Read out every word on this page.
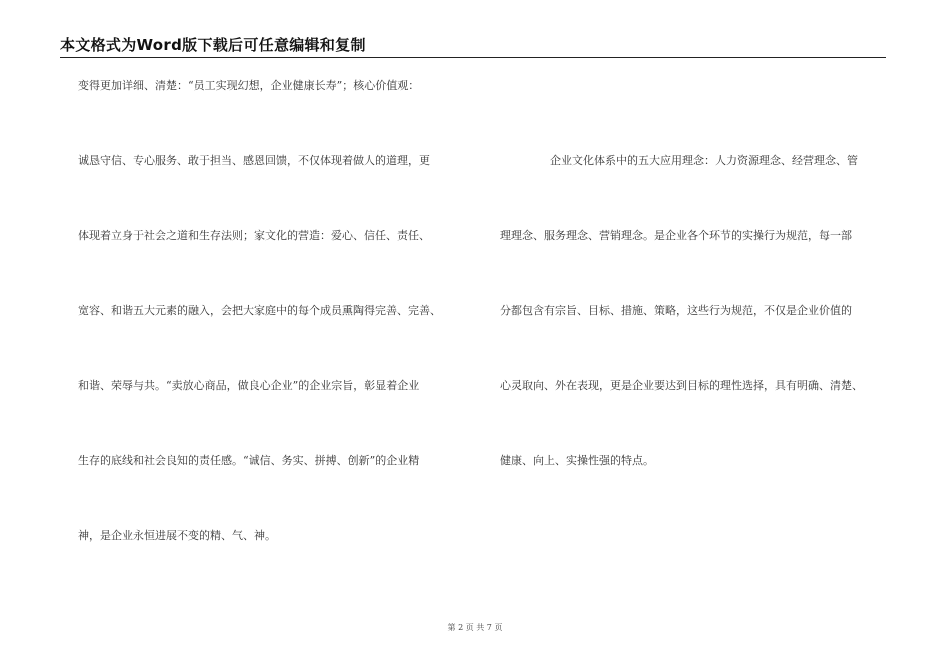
本文格式为Word版下载后可任意编辑和复制
变得更加详细、清楚：“员工实现幻想，企业健康长寿”；核心价值观：
诚恳守信、专心服务、敢于担当、感恩回馈，不仅体现着做人的道理，更
体现着立身于社会之道和生存法则；家文化的营造：爱心、信任、责任、
宽容、和谐五大元素的融入，会把大家庭中的每个成员熏陶得完善、完善、
和谐、荣辱与共。“卖放心商品，做良心企业”的企业宗旨，彰显着企业
生存的底线和社会良知的责任感。“诚信、务实、拼搏、创新”的企业精
神，是企业永恒进展不变的精、气、神。
企业文化体系中的五大应用理念：人力资源理念、经营理念、管
理理念、服务理念、营销理念。是企业各个环节的实操行为规范，每一部
分都包含有宗旨、目标、措施、策略，这些行为规范，不仅是企业价值的
心灵取向、外在表现，更是企业要达到目标的理性选择，具有明确、清楚、
健康、向上、实操性强的特点。
第 2 页 共 7 页
